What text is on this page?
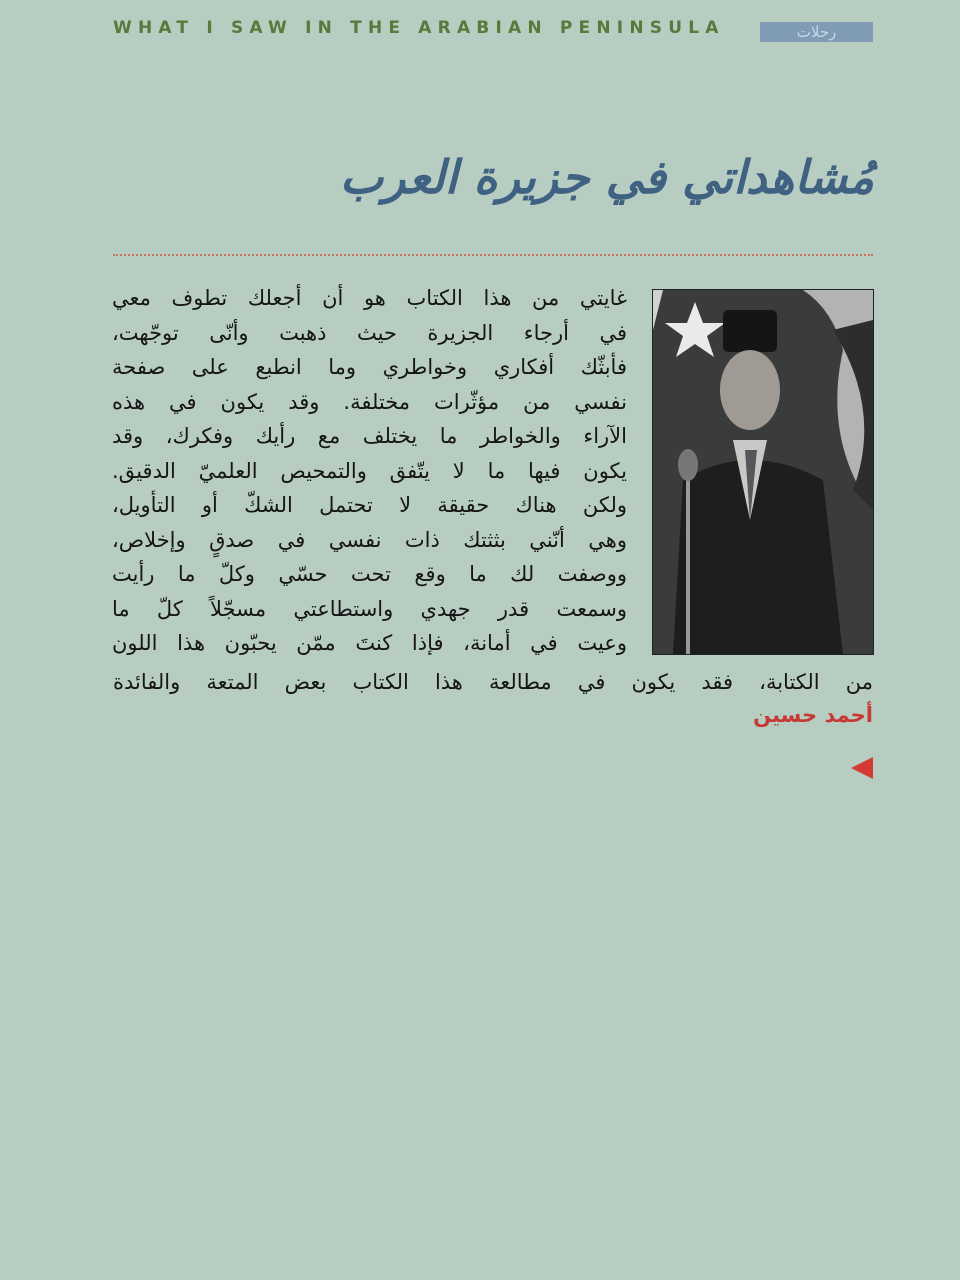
WHAT I SAW IN THE ARABIAN PENINSULA	رحلات
مُشاهداتي في جزيرة العرب
غايتي من هذا الكتاب هو أن أجعلك تطوف معي
في أرجاء الجزيرة حيث ذهبت وأنّى توجّهت،
فأبثّك أفكاري وخواطري وما انطبع على صفحة
نفسي من مؤثّرات مختلفة. وقد يكون في هذه
الآراء والخواطر ما يختلف مع رأيك وفكرك، وقد
يكون فيها ما لا يتّفق والتمحيص العلميّ الدقيق.
ولكن هناك حقيقة لا تحتمل الشكّ أو التأويل،
وهي أنّني بثثتك ذات نفسي في صدقٍ وإخلاص،
ووصفت لك ما وقع تحت حسّي وكلّ ما رأيت
وسمعت قدر جهدي واستطاعتي مسجّلاً كلّ ما
وعيت في أمانة، فإذا كنتَ ممّن يحبّون هذا اللون
من الكتابة، فقد يكون في مطالعة هذا الكتاب بعض المتعة والفائدة
أحمد حسين
